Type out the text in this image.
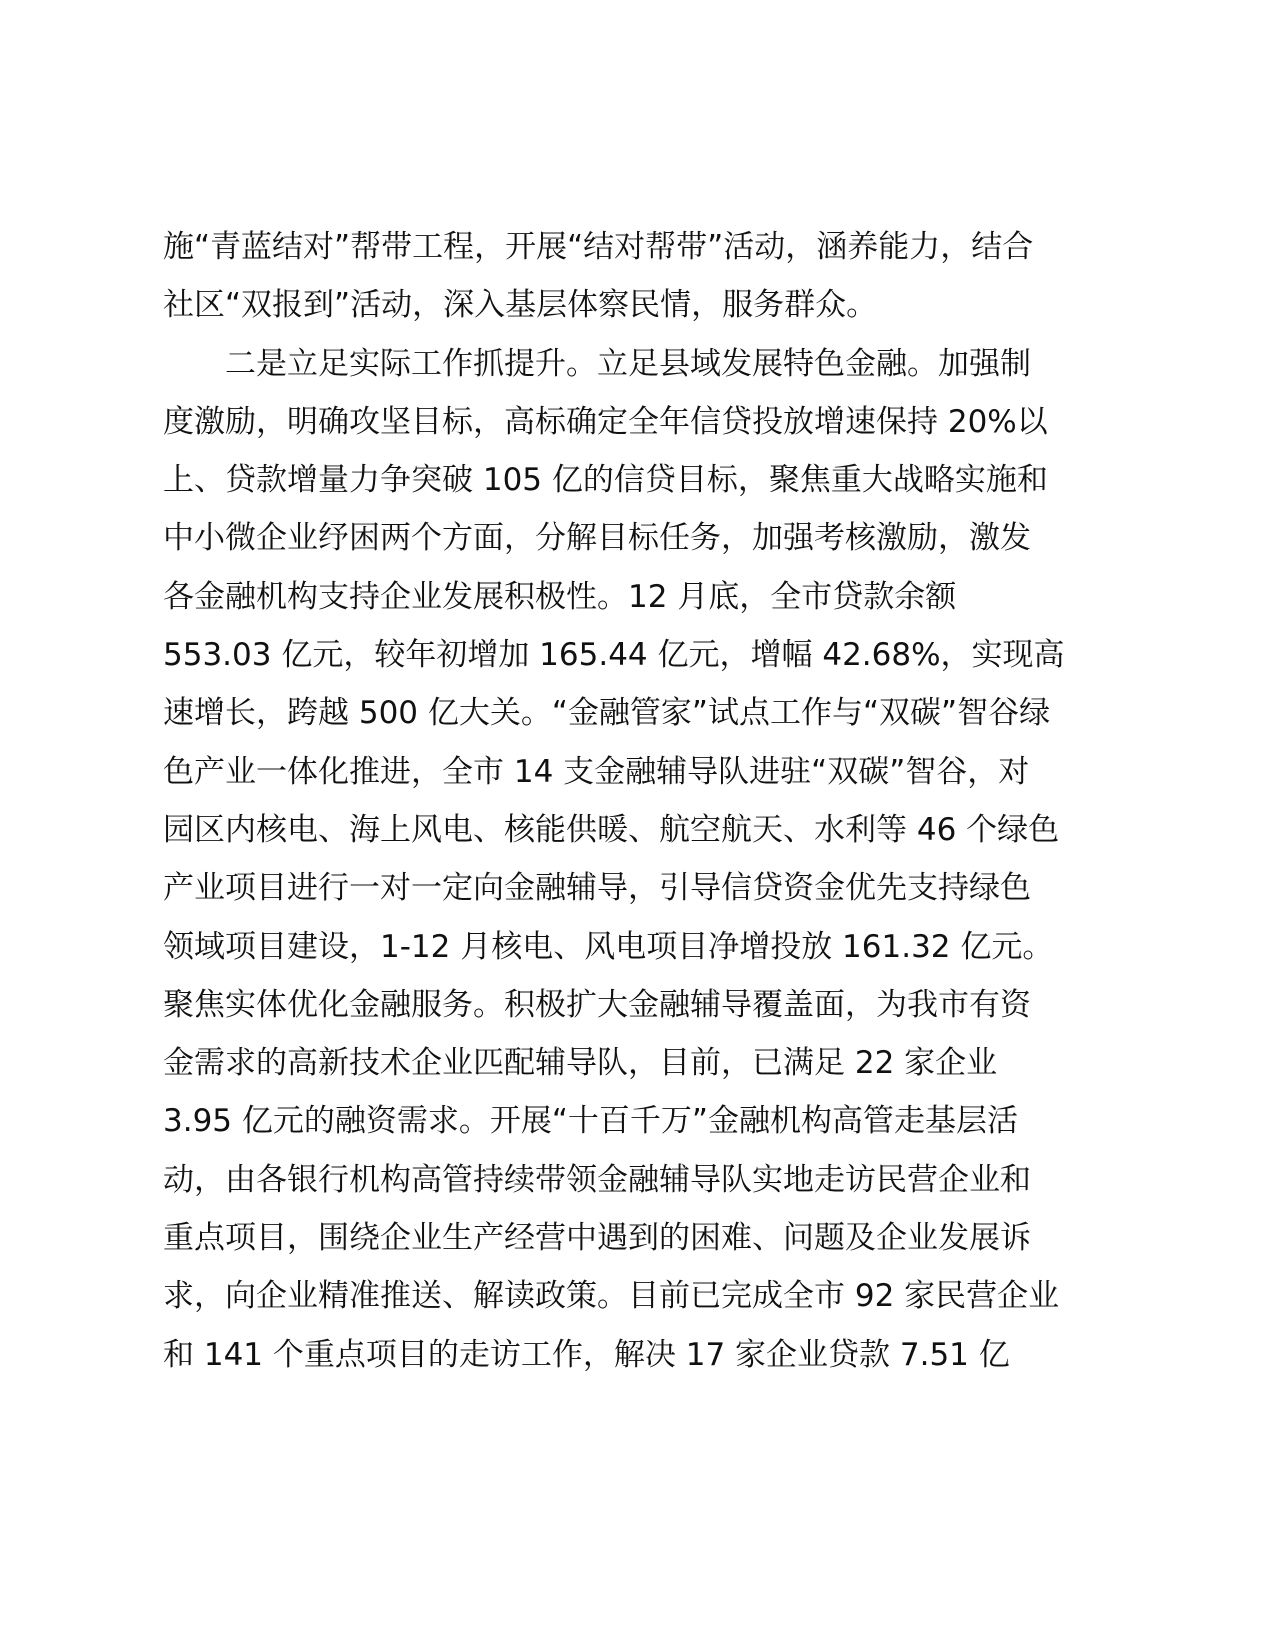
施“青蓝结对”帮带工程，开展“结对帮带”活动，涵养能力，结合
社区“双报到”活动，深入基层体察民情，服务群众。
二是立足实际工作抓提升。立足县域发展特色金融。加强制
度激励，明确攻坚目标，高标确定全年信贷投放增速保持 20%以
上、贷款增量力争突破 105 亿的信贷目标，聚焦重大战略实施和
中小微企业纾困两个方面，分解目标任务，加强考核激励，激发
各金融机构支持企业发展积极性。12 月底，全市贷款余额
553.03 亿元，较年初增加 165.44 亿元，增幅 42.68%，实现高
速增长，跨越 500 亿大关。“金融管家”试点工作与“双碳”智谷绿
色产业一体化推进，全市 14 支金融辅导队进驻“双碳”智谷，对
园区内核电、海上风电、核能供暖、航空航天、水利等 46 个绿色
产业项目进行一对一定向金融辅导，引导信贷资金优先支持绿色
领域项目建设，1-12 月核电、风电项目净增投放 161.32 亿元。
聚焦实体优化金融服务。积极扩大金融辅导覆盖面，为我市有资
金需求的高新技术企业匹配辅导队，目前，已满足 22 家企业
3.95 亿元的融资需求。开展“十百千万”金融机构高管走基层活
动，由各银行机构高管持续带领金融辅导队实地走访民营企业和
重点项目，围绕企业生产经营中遇到的困难、问题及企业发展诉
求，向企业精准推送、解读政策。目前已完成全市 92 家民营企业
和 141 个重点项目的走访工作，解决 17 家企业贷款 7.51 亿
